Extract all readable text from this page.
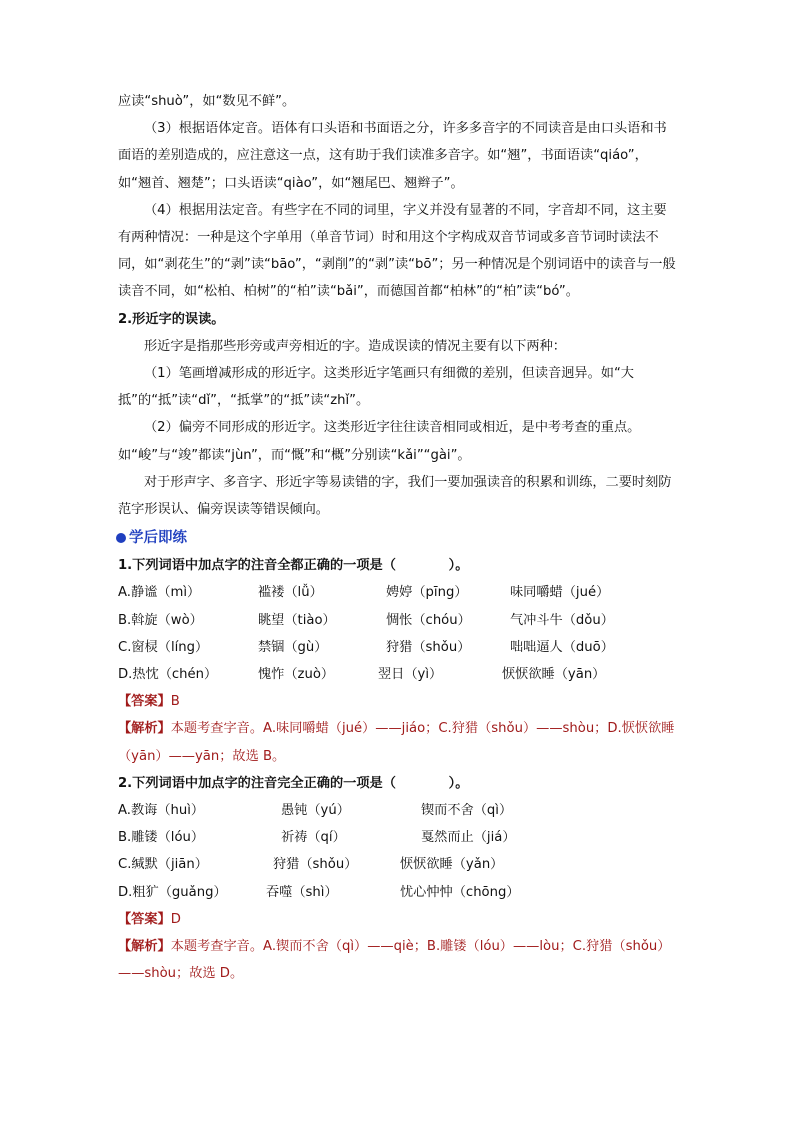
应读“shuò”，如“数见不鲜”。

（3）根据语体定音。语体有口头语和书面语之分，许多多音字的不同读音是由口头语和书面语的差别造成的，应注意这一点，这有助于我们读准多音字。如“翘”，书面语读“qiáo”，如“翘首、翘楚”；口头语读“qiào”，如“翘尾巴、翘辫子”。

（4）根据用法定音。有些字在不同的词里，字义并没有显著的不同，字音却不同，这主要有两种情况：一种是这个字单用（单音节词）时和用这个字构成双音节词或多音节词时读法不同，如“剥花生”的“剥”读“bāo”，“剥削”的“剥”读“bō”；另一种情况是个别词语中的读音与一般读音不同，如“松柏、柏树”的“柏”读“bǎi”，而德国首都“柏林”的“柏”读“bó”。

2.形近字的误读。

形近字是指那些形旁或声旁相近的字。造成误读的情况主要有以下两种：

（1）笔画增减形成的形近字。这类形近字笔画只有细微的差别，但读音迥异。如“大抵”的“抵”读“dǐ”，“抵掌”的“抵”读“zhǐ”。

（2）偏旁不同形成的形近字。这类形近字往往读音相同或相近，是中考考查的重点。如“峻”与“竣”都读“jùn”，而“慨”和“概”分别读“kǎi”“gài”。

对于形声字、多音字、形近字等易读错的字，我们一要加强读音的积累和训练，二要时刻防范字形误认、偏旁误读等错误倾向。

学后即练

1.下列词语中加点字的注音全都正确的一项是（　　　　）。

A.静谧（mì）	褴褛（lǚ）	娉婷（pīng）	味同嚼蜡（jué）
B.斡旋（wò）	眺望（tiào）	惆怅（chóu）	气冲斗牛（dǒu）
C.窗棂（líng）	禁锢（gù）	狩猎（shǒu）	咄咄逼人（duō）
D.热忱（chén）	愧怍（zuò）	翌日（yì）	恹恹欲睡（yān）

【答案】B

【解析】本题考查字音。A.味同嚼蜡（jué）——jiáo；C.狩猎（shǒu）——shòu；D.恹恹欲睡（yān）——yān；故选 B。

2.下列词语中加点字的注音完全正确的一项是（　　　　）。

A.教诲（huì）	愚钝（yú）	锲而不舍（qì）
B.雕镂（lóu）	祈祷（qí）	戛然而止（jiá）
C.缄默（jiān）	狩猎（shǒu）	恹恹欲睡（yǎn）
D.粗犷（guǎng）	吞噬（shì）	忧心忡忡（chōng）

【答案】D

【解析】本题考查字音。A.锲而不舍（qì）——qiè；B.雕镂（lóu）——lòu；C.狩猎（shǒu）——shòu；故选 D。
